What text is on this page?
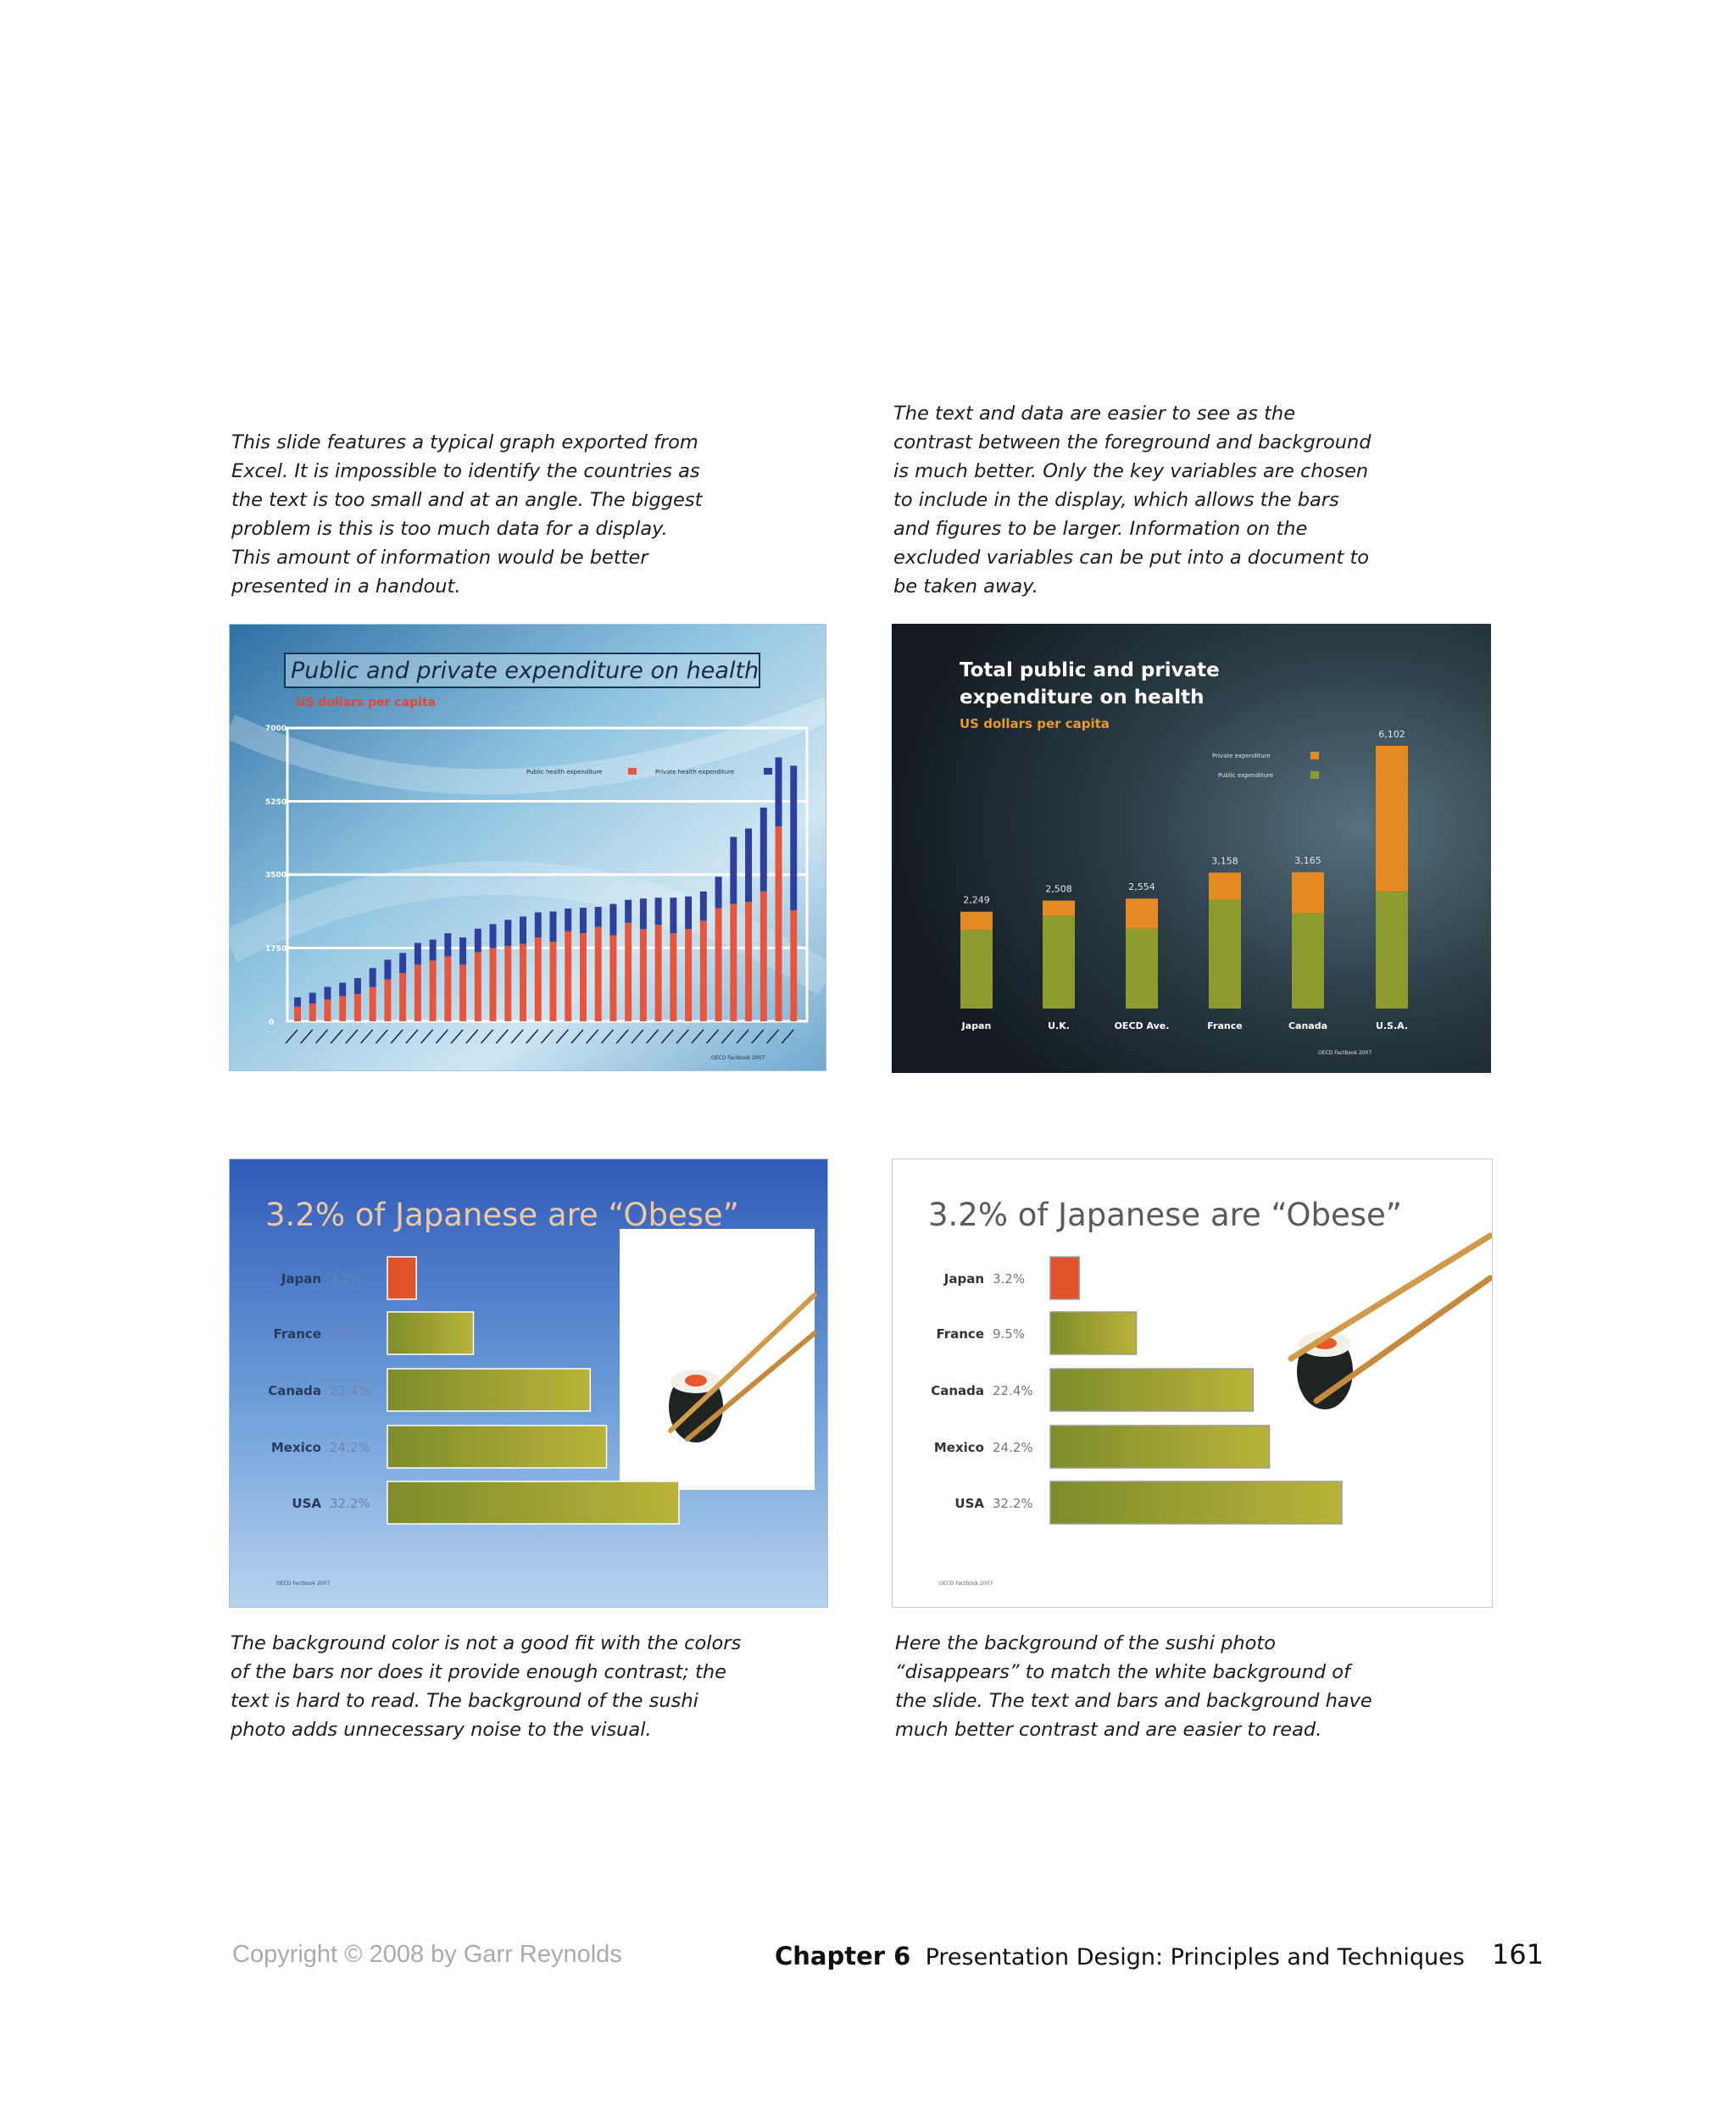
This slide features a typical graph exported from
Excel. It is impossible to identify the countries as
the text is too small and at an angle. The biggest
problem is this is too much data for a display.
This amount of information would be better
presented in a handout.
The text and data are easier to see as the
contrast between the foreground and background
is much better. Only the key variables are chosen
to include in the display, which allows the bars
and figures to be larger. Information on the
excluded variables can be put into a document to
be taken away.
The background color is not a good fit with the colors
of the bars nor does it provide enough contrast; the
text is hard to read. The background of the sushi
photo adds unnecessary noise to the visual.
Here the background of the sushi photo
“disappears” to match the white background of
the slide. The text and bars and background have
much better contrast and are easier to read.
Public and private expenditure on health
US dollars per capita
7000
5250
3500
1750
0
Public health expenditure	Private health expenditure
OECD Factbook 2007
Total public and private
expenditure on health
US dollars per capita
Private expenditure
Public expenditure
2,249
2,508	2,554
3,158	3,165
6,102
Japan	U.K.	OECD Ave.	France	Canada	U.S.A.
OECD Factbook 2007
3.2% of Japanese are “Obese”
Japan 3.2%
France 9.5%
Canada 22.4%
Mexico 24.2%
USA 32.2%
OECD Factbook 2007
3.2% of Japanese are “Obese”
Japan 3.2%
France 9.5%
Canada 22.4%
Mexico 24.2%
USA 32.2%
OECD Factbook 2007
Copyright © 2008 by Garr Reynolds	Chapter 6 Presentation Design: Principles and Techniques 161
